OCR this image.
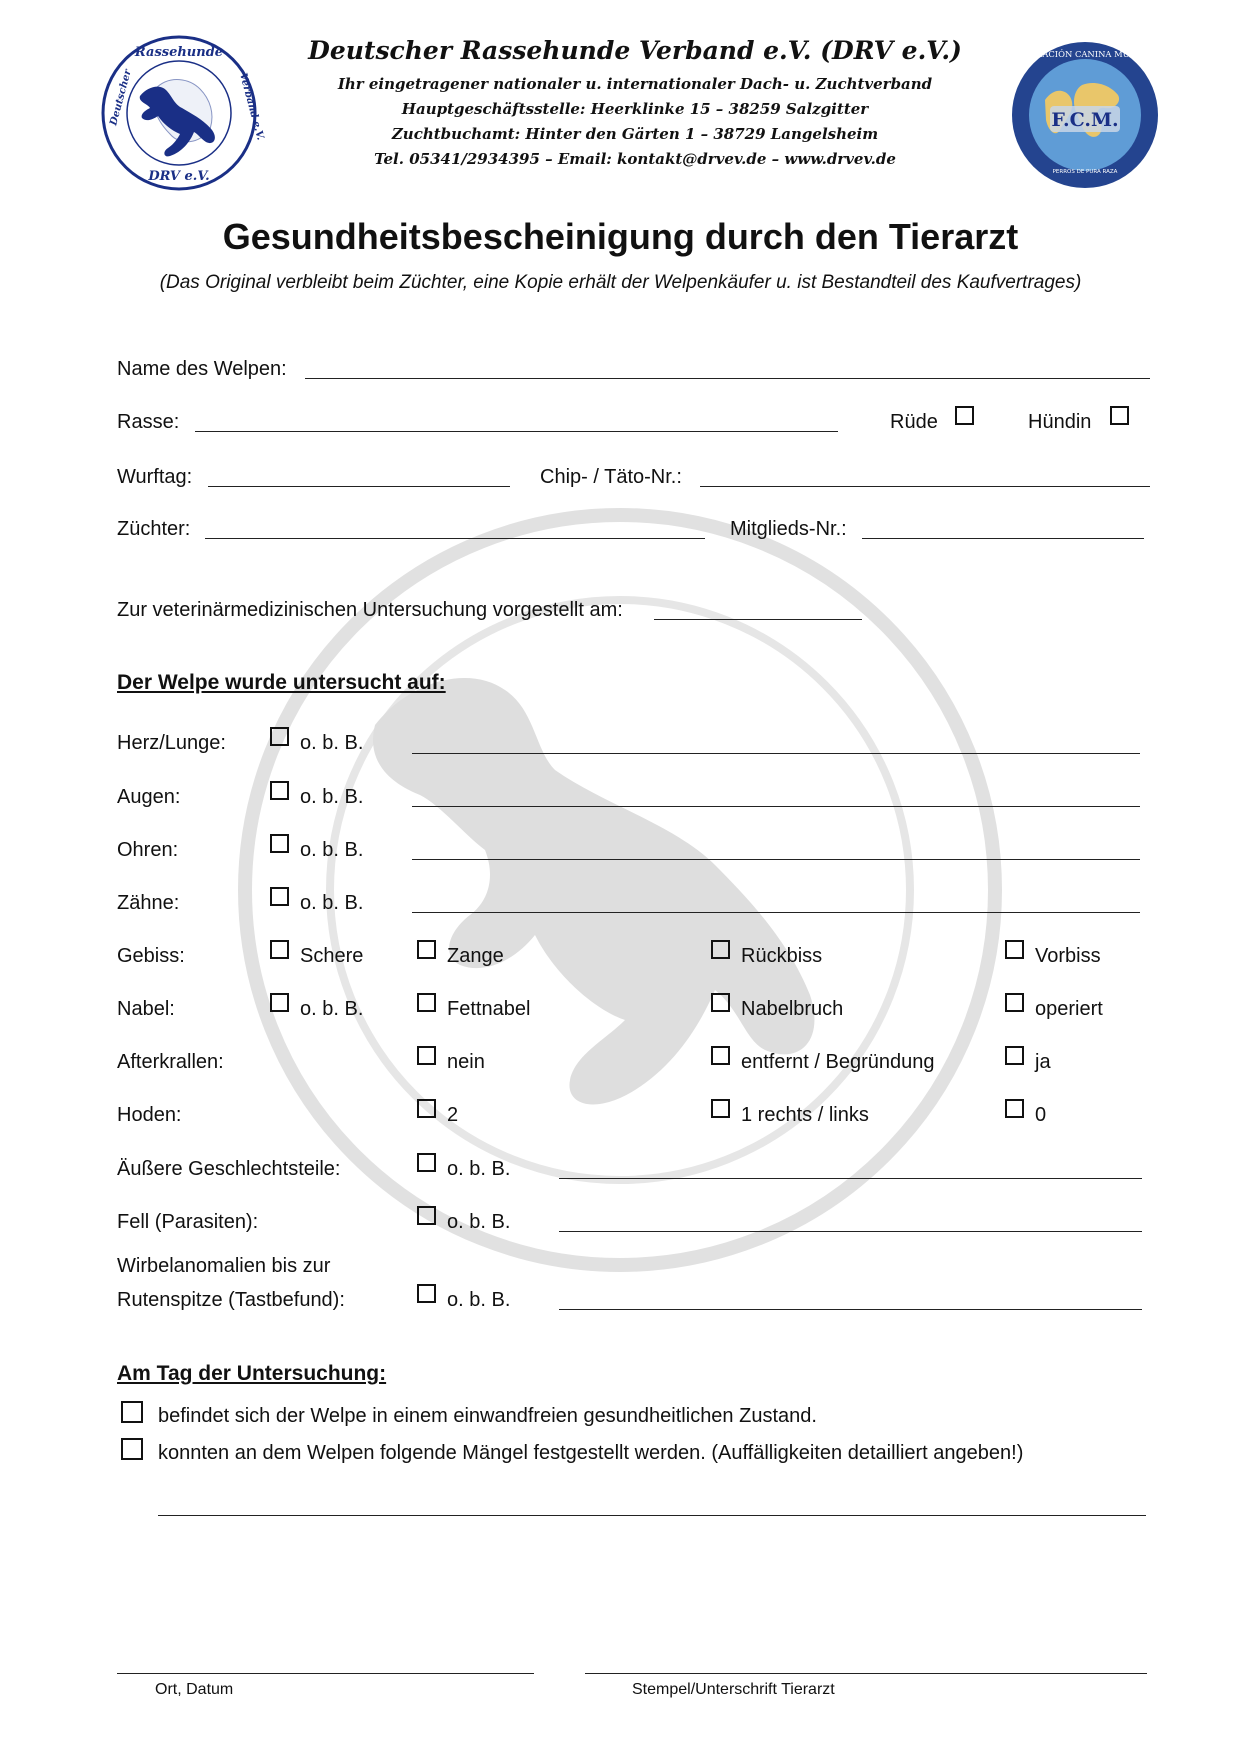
Rassehunde
Deutscher	Verband e.V.
DRV e.V.
F.C.M.
FEDERACIÓN CANINA MUNDIAL
PERROS DE PURA RAZA
Deutscher Rassehunde Verband e.V. (DRV e.V.)
Ihr eingetragener nationaler u. internationaler Dach- u. Zuchtverband
Hauptgeschäftsstelle: Heerklinke 15 – 38259 Salzgitter
Zuchtbuchamt: Hinter den Gärten 1 – 38729 Langelsheim
Tel. 05341/2934395 – Email: kontakt@drvev.de – www.drvev.de
Gesundheitsbescheinigung durch den Tierarzt
(Das Original verbleibt beim Züchter, eine Kopie erhält der Welpenkäufer u. ist Bestandteil des Kaufvertrages)
Name des Welpen:
Rasse:	Rüde	Hündin
Wurftag:	Chip- / Täto-Nr.:
Züchter:	Mitglieds-Nr.:
Zur veterinärmedizinischen Untersuchung vorgestellt am:
Der Welpe wurde untersucht auf:
Herz/Lunge:	o. b. B.
Augen:	o. b. B.
Ohren:	o. b. B.
Zähne:	o. b. B.
Gebiss:	Schere	Zange	Rückbiss	Vorbiss
Nabel:	o. b. B.	Fettnabel	Nabelbruch	operiert
Afterkrallen:	nein	entfernt / Begründung	ja
Hoden:	2	1 rechts / links	0
Äußere Geschlechtsteile:	o. b. B.
Fell (Parasiten):	o. b. B.
Wirbelanomalien bis zur
Rutenspitze (Tastbefund):	o. b. B.
Am Tag der Untersuchung:
befindet sich der Welpe in einem einwandfreien gesundheitlichen Zustand.
konnten an dem Welpen folgende Mängel festgestellt werden. (Auffälligkeiten detailliert angeben!)
Ort, Datum	Stempel/Unterschrift Tierarzt
